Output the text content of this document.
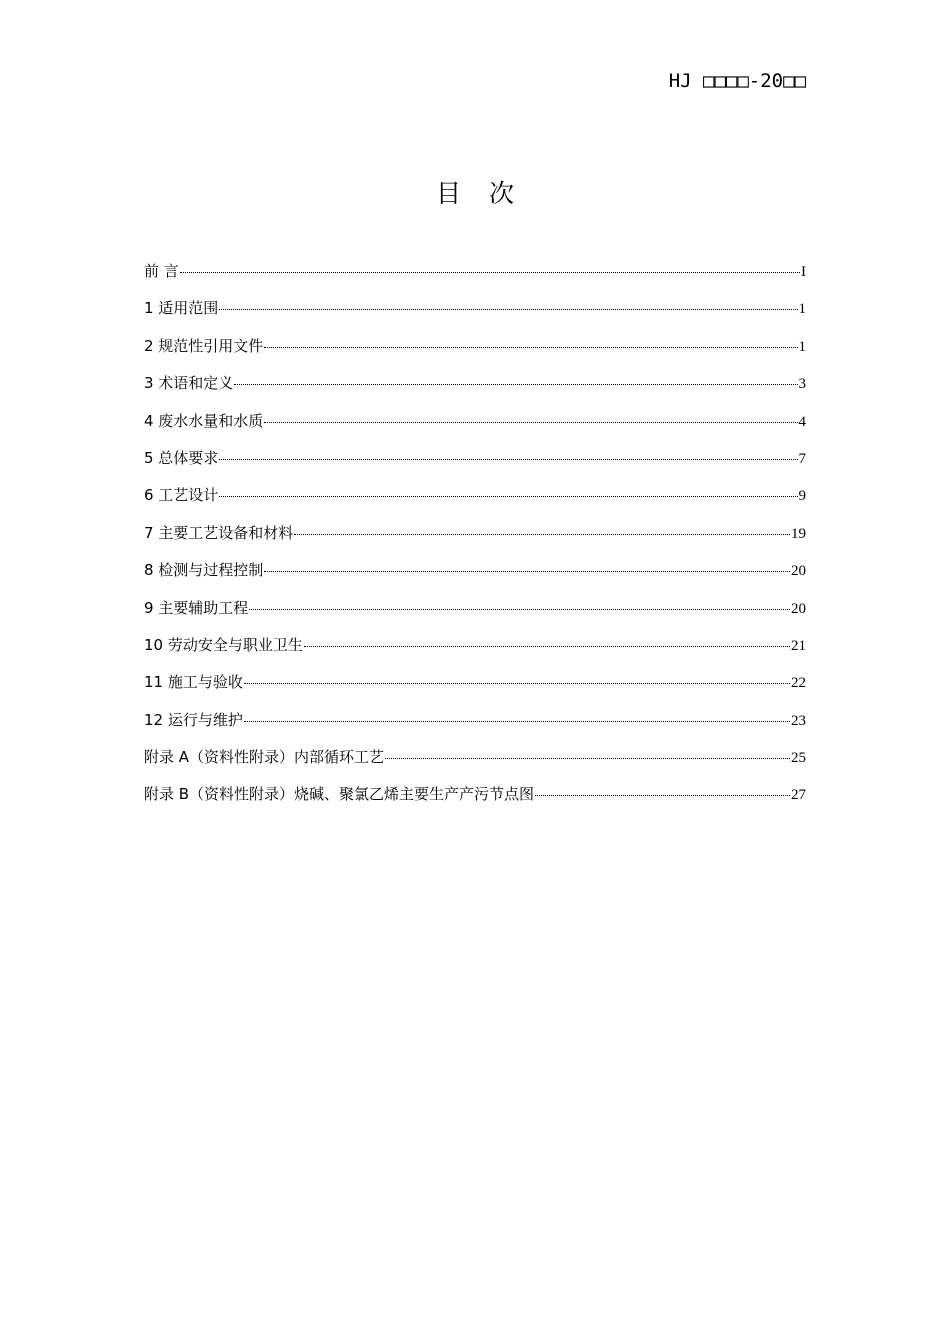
HJ □□□□-20□□
目次
前 言	I
1 适用范围	1
2 规范性引用文件	1
3 术语和定义	3
4 废水水量和水质	4
5 总体要求	7
6 工艺设计	9
7 主要工艺设备和材料	19
8 检测与过程控制	20
9 主要辅助工程	20
10 劳动安全与职业卫生	21
11 施工与验收	22
12 运行与维护	23
附录 A（资料性附录）内部循环工艺	25
附录 B（资料性附录）烧碱、聚氯乙烯主要生产产污节点图	27
